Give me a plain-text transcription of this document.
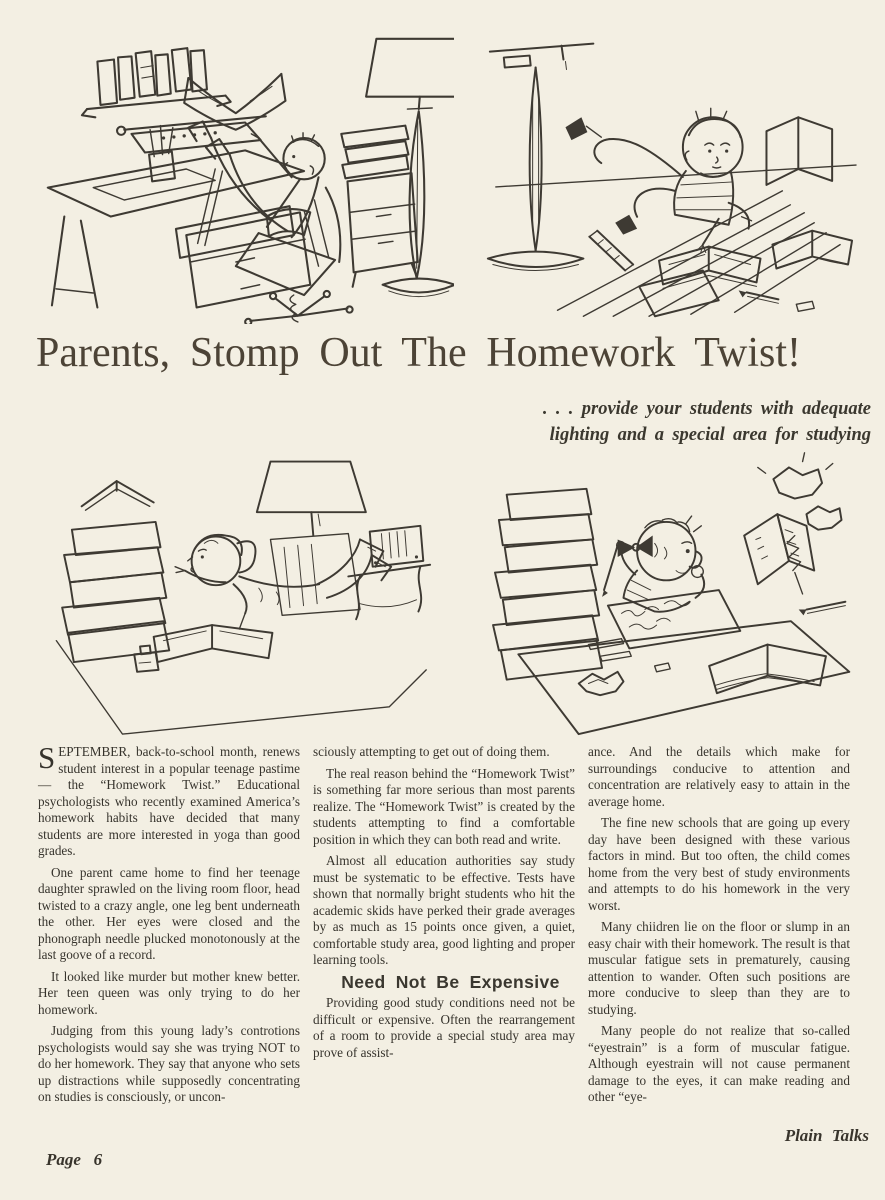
Parents, Stomp Out The Homework Twist!
. . . provide your students with adequate
lighting and a special area for studying

SEPTEMBER, back-to-school month, renews student interest in a popular teenage pastime — the “Homework Twist.” Educational psychologists who recently examined America’s homework habits have decided that many students are more interested in yoga than good grades.

One parent came home to find her teenage daughter sprawled on the living room floor, head twisted to a crazy angle, one leg bent underneath the other. Her eyes were closed and the phonograph needle plucked monotonously at the last goove of a record.

It looked like murder but mother knew better. Her teen queen was only trying to do her homework.

Judging from this young lady’s controtions psychologists would say she was trying NOT to do her homework. They say that anyone who sets up distractions while supposedly concentrating on studies is consciously, or uncon-

sciously attempting to get out of doing them.

The real reason behind the “Homework Twist” is something far more serious than most parents realize. The “Homework Twist” is created by the students attempting to find a comfortable position in which they can both read and write.

Almost all education authorities say study must be systematic to be effective. Tests have shown that normally bright students who hit the academic skids have perked their grade averages by as much as 15 points once given, a quiet, comfortable study area, good lighting and proper learning tools.

Need Not Be Expensive

Providing good study conditions need not be difficult or expensive. Often the rearrangement of a room to provide a special study area may prove of assist-

ance. And the details which make for surroundings conducive to attention and concentration are relatively easy to attain in the average home.

The fine new schools that are going up every day have been designed with these various factors in mind. But too often, the child comes home from the very best of study environments and attempts to do his homework in the very worst.

Many chiidren lie on the floor or slump in an easy chair with their homework. The result is that muscular fatigue sets in prematurely, causing attention to wander. Often such positions are more conducive to sleep than they are to studying.

Many people do not realize that so-called “eyestrain” is a form of muscular fatigue. Although eyestrain will not cause permanent damage to the eyes, it can make reading and other “eye-

Page 6
Plain Talks
